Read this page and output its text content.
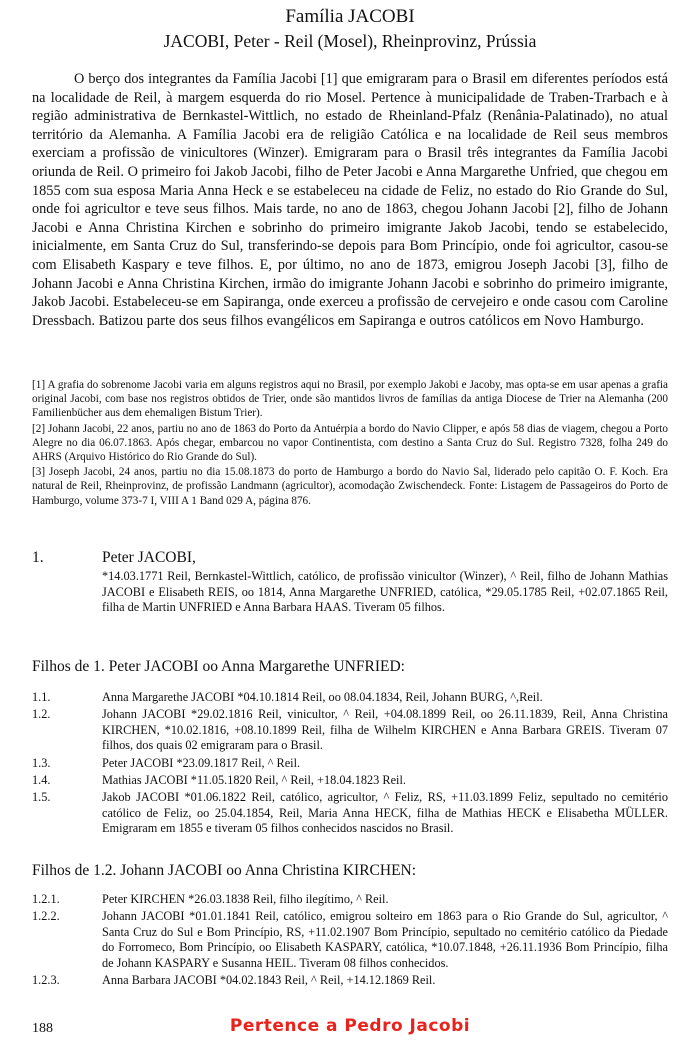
Família JACOBI
JACOBI, Peter - Reil (Mosel), Rheinprovinz, Prússia

O berço dos integrantes da Família Jacobi [1] que emigraram para o Brasil em diferentes períodos está na localidade de Reil, à margem esquerda do rio Mosel. Pertence à municipalidade de Traben-Trarbach e à região administrativa de Bernkastel-Wittlich, no estado de Rheinland-Pfalz (Renânia-Palatinado), no atual território da Alemanha. A Família Jacobi era de religião Católica e na localidade de Reil seus membros exerciam a profissão de vinicultores (Winzer). Emigraram para o Brasil três integrantes da Família Jacobi oriunda de Reil. O primeiro foi Jakob Jacobi, filho de Peter Jacobi e Anna Margarethe Unfried, que chegou em 1855 com sua esposa Maria Anna Heck e se estabeleceu na cidade de Feliz, no estado do Rio Grande do Sul, onde foi agricultor e teve seus filhos. Mais tarde, no ano de 1863, chegou Johann Jacobi [2], filho de Johann Jacobi e Anna Christina Kirchen e sobrinho do primeiro imigrante Jakob Jacobi, tendo se estabelecido, inicialmente, em Santa Cruz do Sul, transferindo-se depois para Bom Princípio, onde foi agricultor, casou-se com Elisabeth Kaspary e teve filhos. E, por último, no ano de 1873, emigrou Joseph Jacobi [3], filho de Johann Jacobi e Anna Christina Kirchen, irmão do imigrante Johann Jacobi e sobrinho do primeiro imigrante, Jakob Jacobi. Estabeleceu-se em Sapiranga, onde exerceu a profissão de cervejeiro e onde casou com Caroline Dressbach. Batizou parte dos seus filhos evangélicos em Sapiranga e outros católicos em Novo Hamburgo.

[1] A grafia do sobrenome Jacobi varia em alguns registros aqui no Brasil, por exemplo Jakobi e Jacoby, mas opta-se em usar apenas a grafia original Jacobi, com base nos registros obtidos de Trier, onde são mantidos livros de famílias da antiga Diocese de Trier na Alemanha (200 Familienbücher aus dem ehemaligen Bistum Trier).

[2] Johann Jacobi, 22 anos, partiu no ano de 1863 do Porto da Antuérpia a bordo do Navio Clipper, e após 58 dias de viagem, chegou a Porto Alegre no dia 06.07.1863. Após chegar, embarcou no vapor Continentista, com destino a Santa Cruz do Sul. Registro 7328, folha 249 do AHRS (Arquivo Histórico do Rio Grande do Sul).

[3] Joseph Jacobi, 24 anos, partiu no dia 15.08.1873 do porto de Hamburgo a bordo do Navio Sal, liderado pelo capitão O. F. Koch. Era natural de Reil, Rheinprovinz, de profissão Landmann (agricultor), acomodação Zwischendeck. Fonte: Listagem de Passageiros do Porto de Hamburgo, volume 373-7 I, VIII A 1 Band 029 A, página 876.

1.	Peter JACOBI,
*14.03.1771 Reil, Bernkastel-Wittlich, católico, de profissão vinicultor (Winzer), ^ Reil, filho de Johann Mathias JACOBI e Elisabeth REIS, oo 1814, Anna Margarethe UNFRIED, católica, *29.05.1785 Reil, +02.07.1865 Reil, filha de Martin UNFRIED e Anna Barbara HAAS. Tiveram 05 filhos.
Filhos de 1. Peter JACOBI oo Anna Margarethe UNFRIED:
1.1.	Anna Margarethe JACOBI *04.10.1814 Reil, oo 08.04.1834, Reil, Johann BURG, ^,Reil.
1.2.	Johann JACOBI *29.02.1816 Reil, vinicultor, ^ Reil, +04.08.1899 Reil, oo 26.11.1839, Reil, Anna Christina KIRCHEN, *10.02.1816, +08.10.1899 Reil, filha de Wilhelm KIRCHEN e Anna Barbara GREIS. Tiveram 07 filhos, dos quais 02 emigraram para o Brasil.
1.3.	Peter JACOBI *23.09.1817 Reil, ^ Reil.
1.4.	Mathias JACOBI *11.05.1820 Reil, ^ Reil, +18.04.1823 Reil.
1.5.	Jakob JACOBI *01.06.1822 Reil, católico, agricultor, ^ Feliz, RS, +11.03.1899 Feliz, sepultado no cemitério católico de Feliz, oo 25.04.1854, Reil, Maria Anna HECK, filha de Mathias HECK e Elisabetha MÜLLER. Emigraram em 1855 e tiveram 05 filhos conhecidos nascidos no Brasil.
Filhos de 1.2. Johann JACOBI oo Anna Christina KIRCHEN:
1.2.1.	Peter KIRCHEN *26.03.1838 Reil, filho ilegítimo, ^ Reil.
1.2.2.	Johann JACOBI *01.01.1841 Reil, católico, emigrou solteiro em 1863 para o Rio Grande do Sul, agricultor, ^ Santa Cruz do Sul e Bom Princípio, RS, +11.02.1907 Bom Princípio, sepultado no cemitério católico da Piedade do Forromeco, Bom Princípio, oo Elisabeth KASPARY, católica, *10.07.1848, +26.11.1936 Bom Princípio, filha de Johann KASPARY e Susanna HEIL. Tiveram 08 filhos conhecidos.
1.2.3.	Anna Barbara JACOBI *04.02.1843 Reil, ^ Reil, +14.12.1869 Reil.
188	Pertence a Pedro Jacobi
